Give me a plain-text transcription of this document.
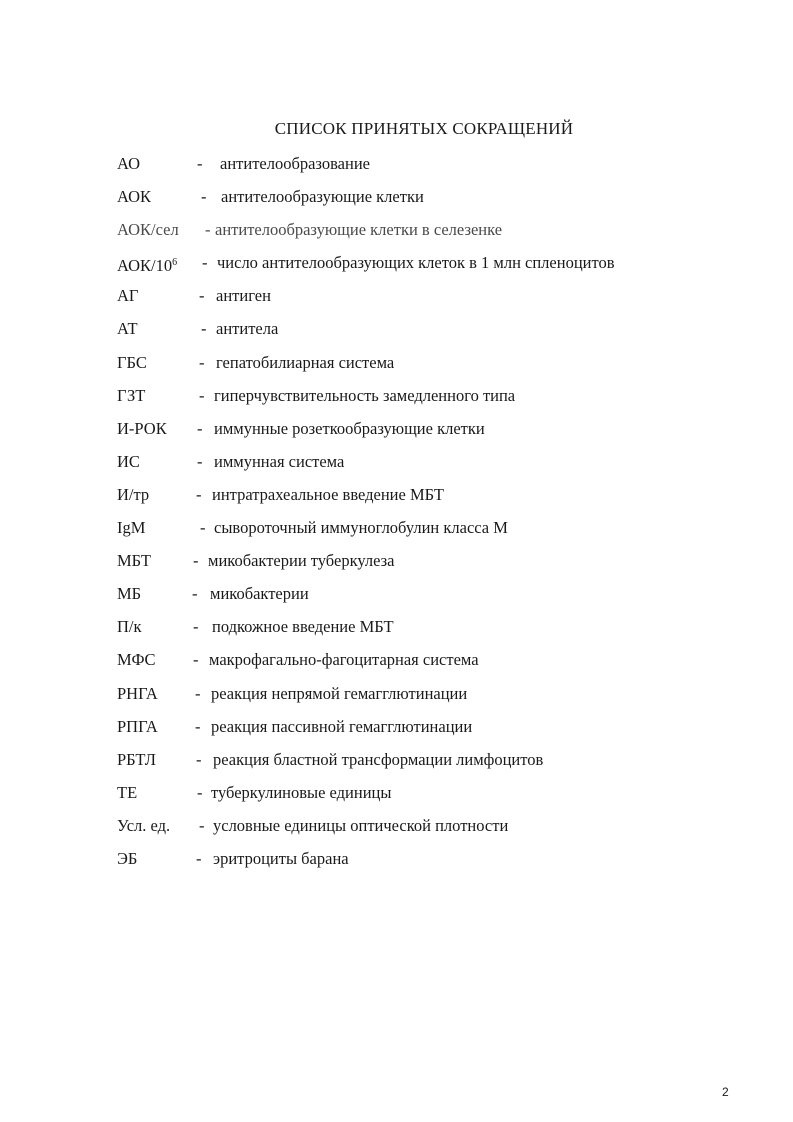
СПИСОК ПРИНЯТЫХ СОКРАЩЕНИЙ
АО	- антителообразование
АОК	- антителообразующие клетки
АОК/сел - антителообразующие клетки в селезенке
АОК/$10^6$ - число антителообразующих клеток в 1 млн спленоцитов
АГ	- антиген
АТ	- антитела
ГБС	- гепатобилиарная система
ГЗТ	- гиперчувствительность замедленного типа
И-РОК - иммунные розеткообразующие клетки
ИС	- иммунная система
И/тр	- интратрахеальное введение МБТ
IgM	- сывороточный иммуноглобулин класса М
МБТ	- микобактерии туберкулеза
МБ	- микобактерии
П/к	- подкожное введение МБТ
МФС - макрофагально-фагоцитарная система
РНГА - реакция непрямой гемагглютинации
РПГА - реакция пассивной гемагглютинации
РБТЛ - реакция бластной трансформации лимфоцитов
ТЕ	- туберкулиновые единицы
Усл. ед. - условные единицы оптической плотности
ЭБ	- эритроциты барана
2
